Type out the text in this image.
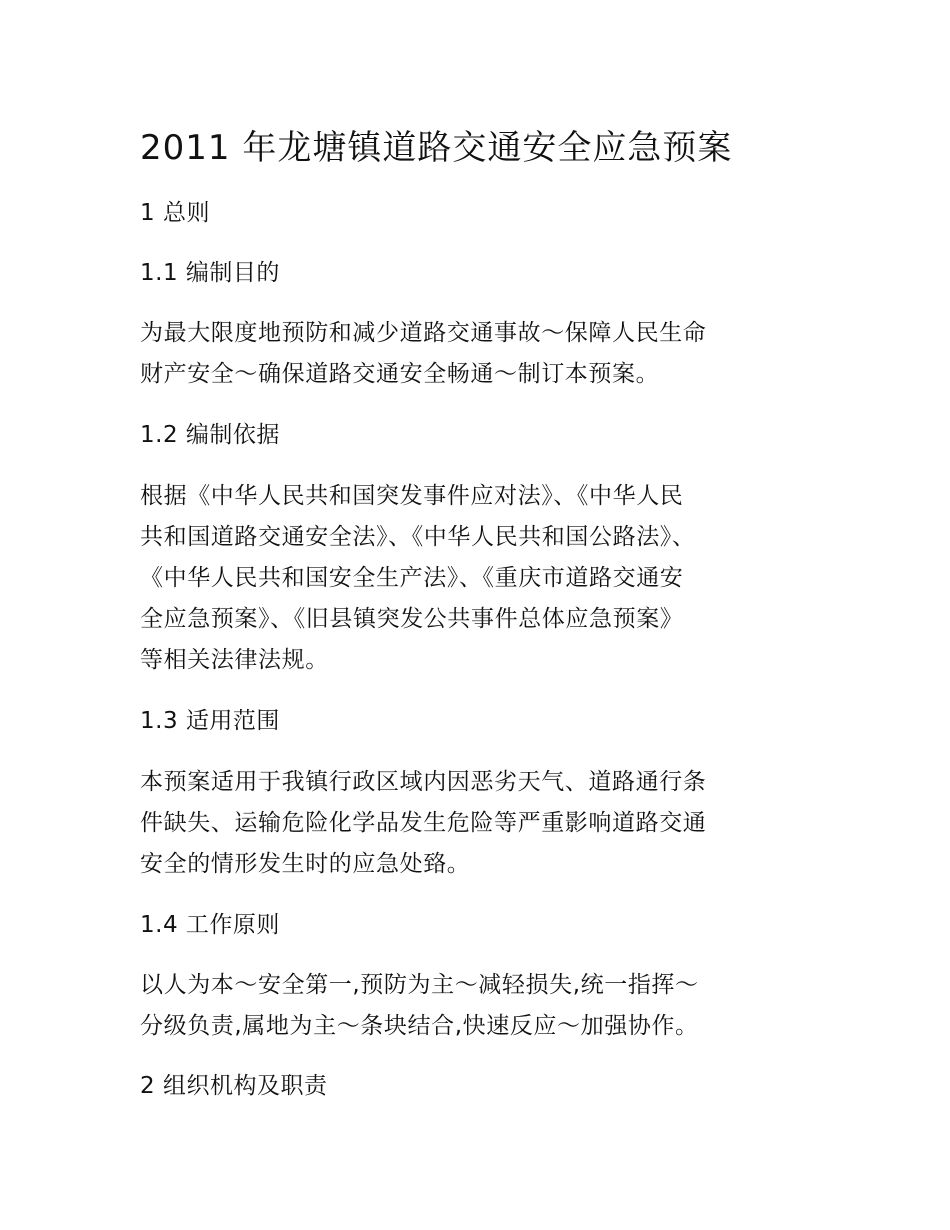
2011 年龙塘镇道路交通安全应急预案
1 总则
1.1 编制目的
为最大限度地预防和减少道路交通事故～保障人民生命
财产安全～确保道路交通安全畅通～制订本预案。
1.2 编制依据
根据《中华人民共和国突发事件应对法》、《中华人民
共和国道路交通安全法》、《中华人民共和国公路法》、
《中华人民共和国安全生产法》、《重庆市道路交通安
全应急预案》、《旧县镇突发公共事件总体应急预案》
等相关法律法规。
1.3 适用范围
本预案适用于我镇行政区域内因恶劣天气、道路通行条
件缺失、运输危险化学品发生危险等严重影响道路交通
安全的情形发生时的应急处臵。
1.4 工作原则
以人为本～安全第一,预防为主～减轻损失,统一指挥～
分级负责,属地为主～条块结合,快速反应～加强协作。
2 组织机构及职责
